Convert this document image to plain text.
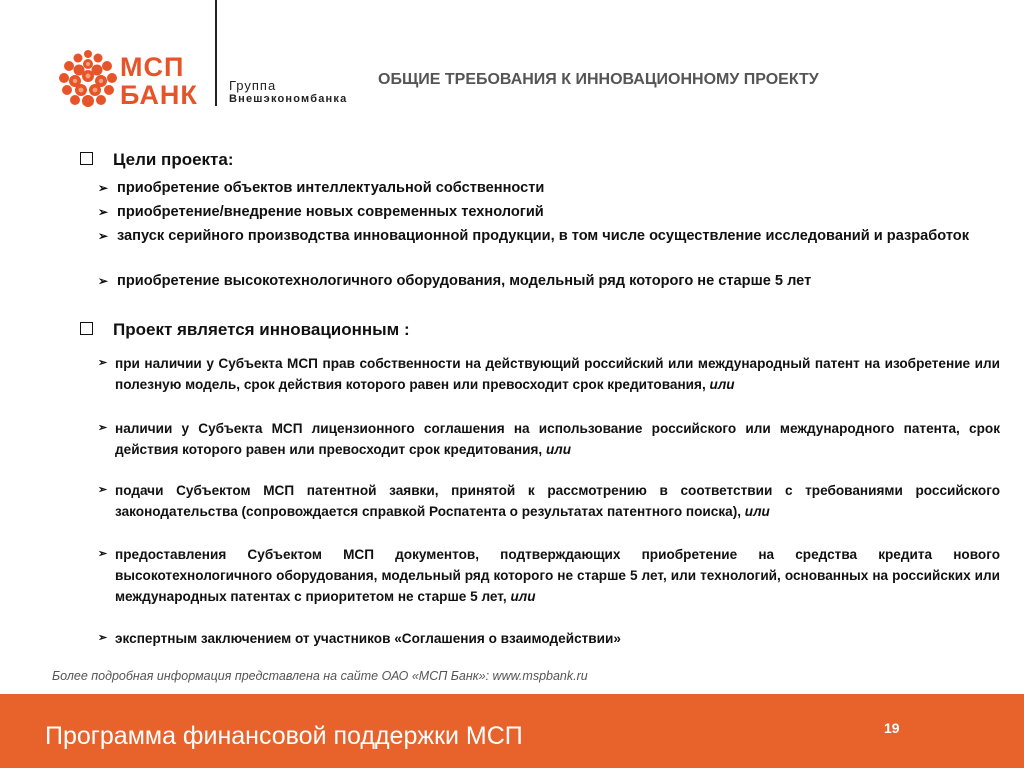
МСП
БАНК Группа
Внешэкономбанка
ОБЩИЕ ТРЕБОВАНИЯ К ИННОВАЦИОННОМУ ПРОЕКТУ
Цели проекта:
➢ приобретение объектов интеллектуальной собственности
➢ приобретение/внедрение новых современных технологий
➢ запуск серийного производства инновационной продукции, в том числе осуществление исследований и разработок
➢ приобретение высокотехнологичного оборудования, модельный ряд которого не старше 5 лет
Проект является инновационным :
➢ при наличии у Субъекта МСП прав собственности на действующий российский или международный патент на изобретение или полезную модель, срок действия которого равен или превосходит срок кредитования, или
➢ наличии у Субъекта МСП лицензионного соглашения на использование российского или международного патента, срок действия которого равен или превосходит срок кредитования, или
➢ подачи Субъектом МСП патентной заявки, принятой к рассмотрению в соответствии с требованиями российского законодательства (сопровождается справкой Роспатента о результатах патентного поиска), или
➢ предоставления Субъектом МСП документов, подтверждающих приобретение на средства кредита нового высокотехнологичного оборудования, модельный ряд которого не старше 5 лет, или технологий, основанных на российских или международных патентах с приоритетом не старше 5 лет, или
➢ экспертным заключением от участников «Соглашения о взаимодействии»
Более подробная информация представлена на сайте ОАО «МСП Банк»: www.mspbank.ru
Программа финансовой поддержки МСП	19
